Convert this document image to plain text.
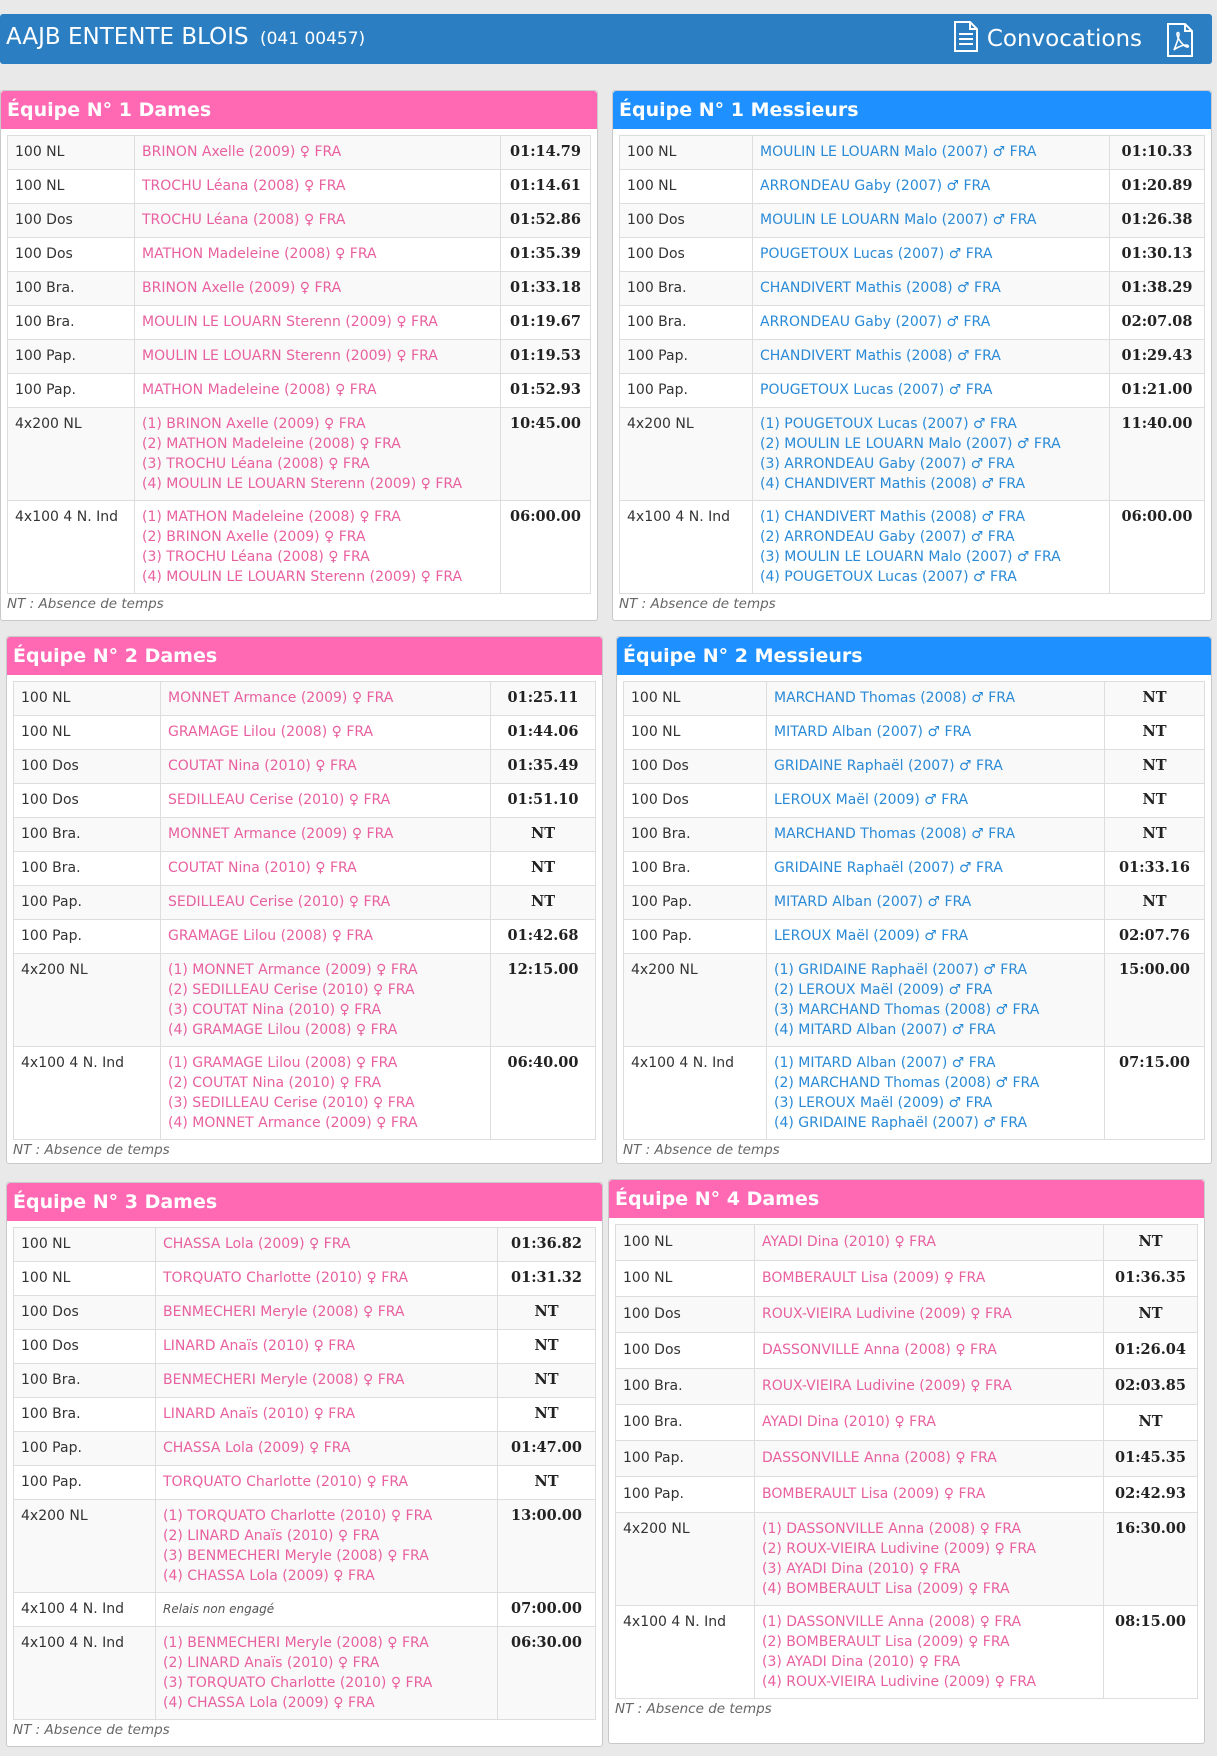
AAJB ENTENTE BLOIS (041 00457)	Convocations
Équipe N° 1 Dames
100 NL	BRINON Axelle (2009) ♀ FRA	01:14.79
100 NL	TROCHU Léana (2008) ♀ FRA	01:14.61
100 Dos	TROCHU Léana (2008) ♀ FRA	01:52.86
100 Dos	MATHON Madeleine (2008) ♀ FRA	01:35.39
100 Bra.	BRINON Axelle (2009) ♀ FRA	01:33.18
100 Bra.	MOULIN LE LOUARN Sterenn (2009) ♀ FRA	01:19.67
100 Pap.	MOULIN LE LOUARN Sterenn (2009) ♀ FRA	01:19.53
100 Pap.	MATHON Madeleine (2008) ♀ FRA	01:52.93
4x200 NL	(1) BRINON Axelle (2009) ♀ FRA
(2) MATHON Madeleine (2008) ♀ FRA
(3) TROCHU Léana (2008) ♀ FRA
(4) MOULIN LE LOUARN Sterenn (2009) ♀ FRA	10:45.00
4x100 4 N. Ind	(1) MATHON Madeleine (2008) ♀ FRA
(2) BRINON Axelle (2009) ♀ FRA
(3) TROCHU Léana (2008) ♀ FRA
(4) MOULIN LE LOUARN Sterenn (2009) ♀ FRA	06:00.00
NT : Absence de temps
Équipe N° 1 Messieurs
100 NL	MOULIN LE LOUARN Malo (2007) ♂ FRA	01:10.33
100 NL	ARRONDEAU Gaby (2007) ♂ FRA	01:20.89
100 Dos	MOULIN LE LOUARN Malo (2007) ♂ FRA	01:26.38
100 Dos	POUGETOUX Lucas (2007) ♂ FRA	01:30.13
100 Bra.	CHANDIVERT Mathis (2008) ♂ FRA	01:38.29
100 Bra.	ARRONDEAU Gaby (2007) ♂ FRA	02:07.08
100 Pap.	CHANDIVERT Mathis (2008) ♂ FRA	01:29.43
100 Pap.	POUGETOUX Lucas (2007) ♂ FRA	01:21.00
4x200 NL	(1) POUGETOUX Lucas (2007) ♂ FRA
(2) MOULIN LE LOUARN Malo (2007) ♂ FRA
(3) ARRONDEAU Gaby (2007) ♂ FRA
(4) CHANDIVERT Mathis (2008) ♂ FRA	11:40.00
4x100 4 N. Ind	(1) CHANDIVERT Mathis (2008) ♂ FRA
(2) ARRONDEAU Gaby (2007) ♂ FRA
(3) MOULIN LE LOUARN Malo (2007) ♂ FRA
(4) POUGETOUX Lucas (2007) ♂ FRA	06:00.00
NT : Absence de temps
Équipe N° 2 Dames
100 NL	MONNET Armance (2009) ♀ FRA	01:25.11
100 NL	GRAMAGE Lilou (2008) ♀ FRA	01:44.06
100 Dos	COUTAT Nina (2010) ♀ FRA	01:35.49
100 Dos	SEDILLEAU Cerise (2010) ♀ FRA	01:51.10
100 Bra.	MONNET Armance (2009) ♀ FRA	NT
100 Bra.	COUTAT Nina (2010) ♀ FRA	NT
100 Pap.	SEDILLEAU Cerise (2010) ♀ FRA	NT
100 Pap.	GRAMAGE Lilou (2008) ♀ FRA	01:42.68
4x200 NL	(1) MONNET Armance (2009) ♀ FRA
(2) SEDILLEAU Cerise (2010) ♀ FRA
(3) COUTAT Nina (2010) ♀ FRA
(4) GRAMAGE Lilou (2008) ♀ FRA	12:15.00
4x100 4 N. Ind	(1) GRAMAGE Lilou (2008) ♀ FRA
(2) COUTAT Nina (2010) ♀ FRA
(3) SEDILLEAU Cerise (2010) ♀ FRA
(4) MONNET Armance (2009) ♀ FRA	06:40.00
NT : Absence de temps
Équipe N° 2 Messieurs
100 NL	MARCHAND Thomas (2008) ♂ FRA	NT
100 NL	MITARD Alban (2007) ♂ FRA	NT
100 Dos	GRIDAINE Raphaël (2007) ♂ FRA	NT
100 Dos	LEROUX Maël (2009) ♂ FRA	NT
100 Bra.	MARCHAND Thomas (2008) ♂ FRA	NT
100 Bra.	GRIDAINE Raphaël (2007) ♂ FRA	01:33.16
100 Pap.	MITARD Alban (2007) ♂ FRA	NT
100 Pap.	LEROUX Maël (2009) ♂ FRA	02:07.76
4x200 NL	(1) GRIDAINE Raphaël (2007) ♂ FRA
(2) LEROUX Maël (2009) ♂ FRA
(3) MARCHAND Thomas (2008) ♂ FRA
(4) MITARD Alban (2007) ♂ FRA	15:00.00
4x100 4 N. Ind	(1) MITARD Alban (2007) ♂ FRA
(2) MARCHAND Thomas (2008) ♂ FRA
(3) LEROUX Maël (2009) ♂ FRA
(4) GRIDAINE Raphaël (2007) ♂ FRA	07:15.00
NT : Absence de temps
Équipe N° 3 Dames
100 NL	CHASSA Lola (2009) ♀ FRA	01:36.82
100 NL	TORQUATO Charlotte (2010) ♀ FRA	01:31.32
100 Dos	BENMECHERI Meryle (2008) ♀ FRA	NT
100 Dos	LINARD Anaïs (2010) ♀ FRA	NT
100 Bra.	BENMECHERI Meryle (2008) ♀ FRA	NT
100 Bra.	LINARD Anaïs (2010) ♀ FRA	NT
100 Pap.	CHASSA Lola (2009) ♀ FRA	01:47.00
100 Pap.	TORQUATO Charlotte (2010) ♀ FRA	NT
4x200 NL	(1) TORQUATO Charlotte (2010) ♀ FRA
(2) LINARD Anaïs (2010) ♀ FRA
(3) BENMECHERI Meryle (2008) ♀ FRA
(4) CHASSA Lola (2009) ♀ FRA	13:00.00
4x100 4 N. Ind	Relais non engagé	07:00.00
4x100 4 N. Ind	(1) BENMECHERI Meryle (2008) ♀ FRA
(2) LINARD Anaïs (2010) ♀ FRA
(3) TORQUATO Charlotte (2010) ♀ FRA
(4) CHASSA Lola (2009) ♀ FRA	06:30.00
NT : Absence de temps
Équipe N° 4 Dames
100 NL	AYADI Dina (2010) ♀ FRA	NT
100 NL	BOMBERAULT Lisa (2009) ♀ FRA	01:36.35
100 Dos	ROUX-VIEIRA Ludivine (2009) ♀ FRA	NT
100 Dos	DASSONVILLE Anna (2008) ♀ FRA	01:26.04
100 Bra.	ROUX-VIEIRA Ludivine (2009) ♀ FRA	02:03.85
100 Bra.	AYADI Dina (2010) ♀ FRA	NT
100 Pap.	DASSONVILLE Anna (2008) ♀ FRA	01:45.35
100 Pap.	BOMBERAULT Lisa (2009) ♀ FRA	02:42.93
4x200 NL	(1) DASSONVILLE Anna (2008) ♀ FRA
(2) ROUX-VIEIRA Ludivine (2009) ♀ FRA
(3) AYADI Dina (2010) ♀ FRA
(4) BOMBERAULT Lisa (2009) ♀ FRA	16:30.00
4x100 4 N. Ind	(1) DASSONVILLE Anna (2008) ♀ FRA
(2) BOMBERAULT Lisa (2009) ♀ FRA
(3) AYADI Dina (2010) ♀ FRA
(4) ROUX-VIEIRA Ludivine (2009) ♀ FRA	08:15.00
NT : Absence de temps
